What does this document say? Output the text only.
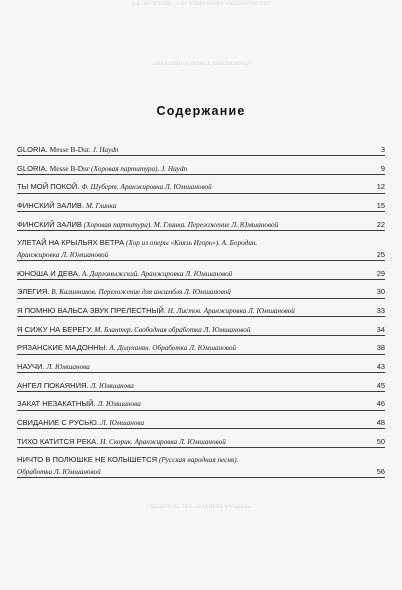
Д.К. ВАЛЕРЬЕВ - Л.Ю. ЮМШАНОВА • ИЗДАТЕЛЬСТВО
ВОКАЛЬНО-ХОРОВЫЕ МИНИАТЮРЫ
Содержание
GLORIA. Messe B-Dur. J. Haydn	3
GLORIA. Messe B-Dur (Хоровая партитура). J. Haydn	9
ТЫ МОЙ ПОКОЙ. Ф. Шуберт. Аранжировка Л. Юмшановой	12
ФИНСКИЙ ЗАЛИВ. М. Глинка	15
ФИНСКИЙ ЗАЛИВ (Хоровая партитура). М. Глинка. Переложение Л. Юмшановой	22
УЛЕТАЙ НА КРЫЛЬЯХ ВЕТРА (Хор из оперы «Князь Игорь»). А. Бородин.
Аранжировка Л. Юмшановой	25
ЮНОША И ДЕВА. А. Даргомыжский. Аранжировка Л. Юмшановой	29
ЭЛЕГИЯ. В. Калинников. Переложение для ансамбля Л. Юмшановой	30
Я ПОМНЮ ВАЛЬСА ЗВУК ПРЕЛЕСТНЫЙ. Н. Листов. Аранжировка Л. Юмшановой	33
Я СИЖУ НА БЕРЕГУ. М. Блантер. Свободная обработка Л. Юмшановой	34
РЯЗАНСКИЕ МАДОННЫ. А. Долуханян. Обработка Л. Юмшановой	38
НАУЧИ. Л. Юмшанова	43
АНГЕЛ ПОКАЯНИЯ. Л. Юмшанова	45
ЗАКАТ НЕЗАКАТНЫЙ. Л. Юмшанова	46
СВИДАНИЕ С РУСЬЮ. Л. Юмшанова	48
ТИХО КАТИТСЯ РЕКА. Н. Скорик. Аранжировка Л. Юмшановой	50
НИЧТО В ПОЛЮШКЕ НЕ КОЛЫШЕТСЯ (Русская народная песня).
Обработка Л. Юмшановой	56
ИЗДАТЕЛЬСТВО «ПЛАНЕТА МУЗЫКИ»
